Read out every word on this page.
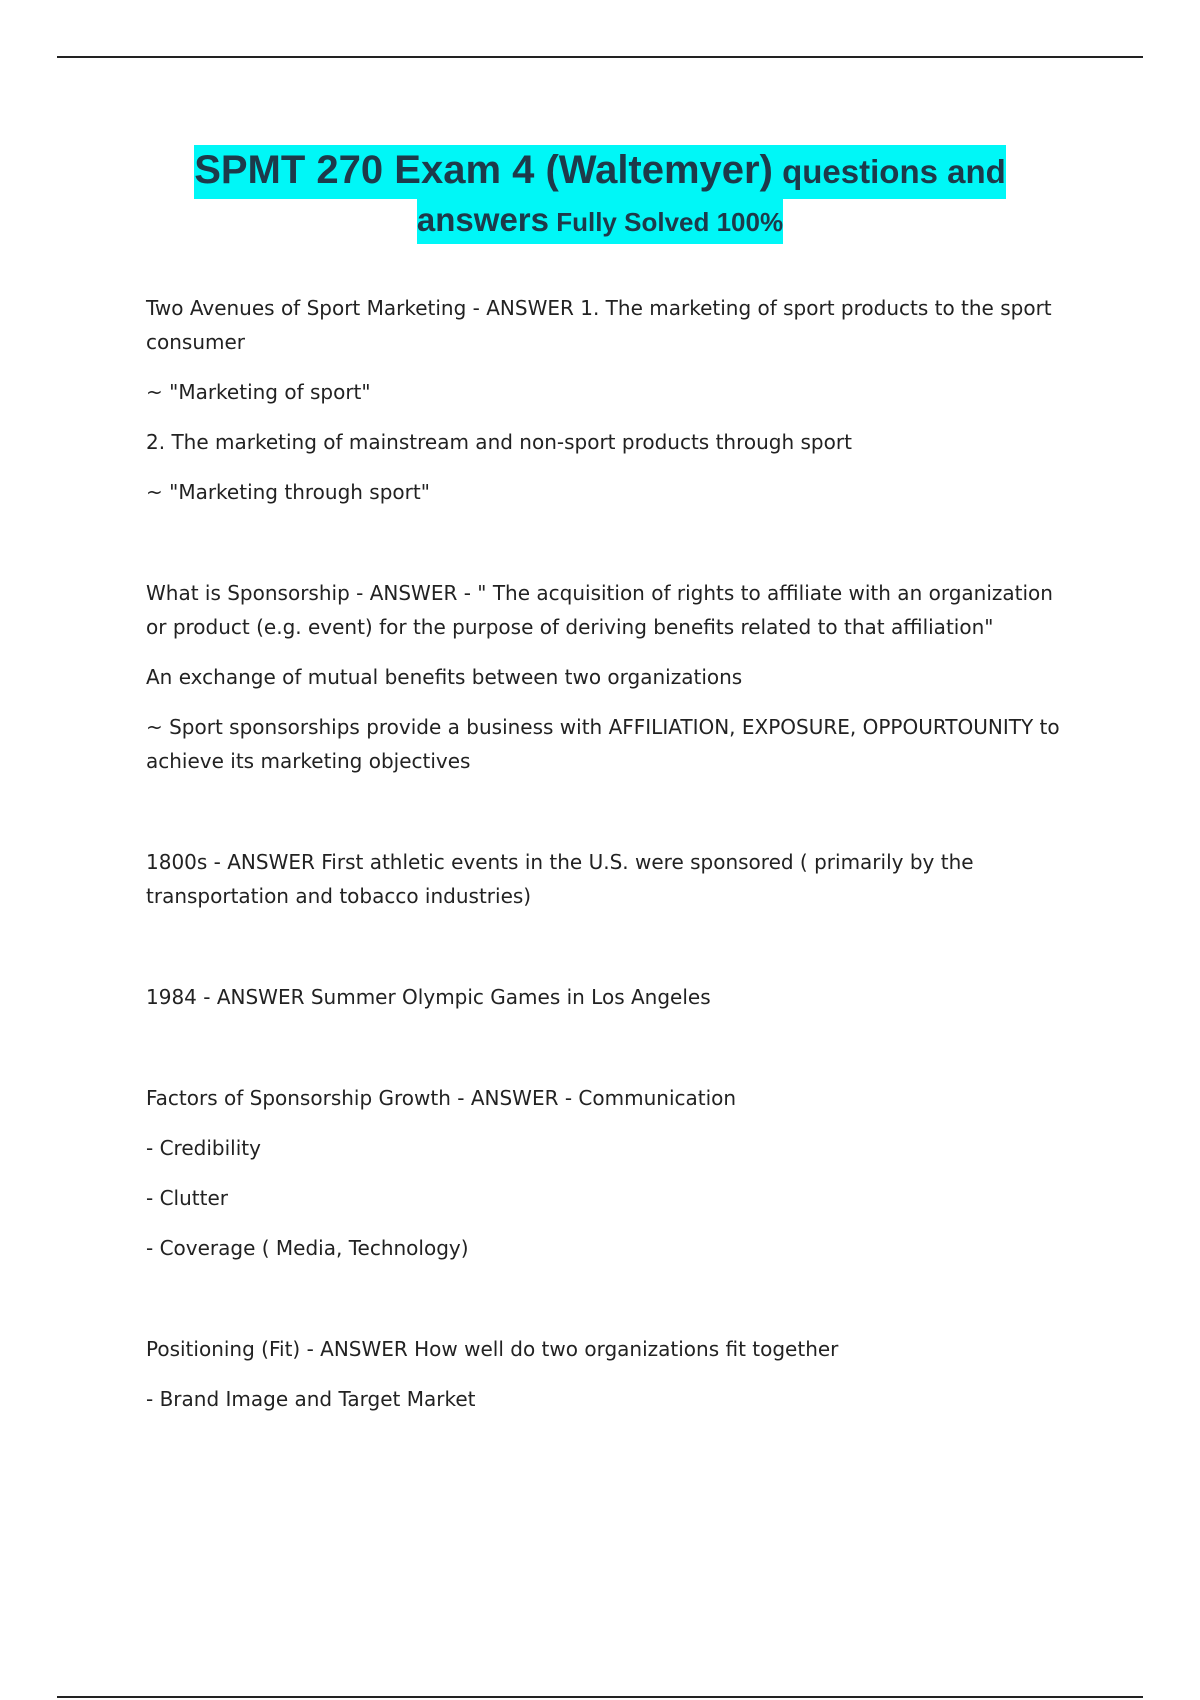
SPMT 270 Exam 4 (Waltemyer) questions and
answers Fully Solved 100%

Two Avenues of Sport Marketing - ANSWER 1. The marketing of sport products to the sport consumer

~ "Marketing of sport"

2. The marketing of mainstream and non-sport products through sport

~ "Marketing through sport"

What is Sponsorship - ANSWER - " The acquisition of rights to affiliate with an organization or product (e.g. event) for the purpose of deriving benefits related to that affiliation"

An exchange of mutual benefits between two organizations

~ Sport sponsorships provide a business with AFFILIATION, EXPOSURE, OPPOURTOUNITY to achieve its marketing objectives

1800s - ANSWER First athletic events in the U.S. were sponsored ( primarily by the transportation and tobacco industries)

1984 - ANSWER Summer Olympic Games in Los Angeles

Factors of Sponsorship Growth - ANSWER - Communication

- Credibility

- Clutter

- Coverage ( Media, Technology)

Positioning (Fit) - ANSWER How well do two organizations fit together

- Brand Image and Target Market
